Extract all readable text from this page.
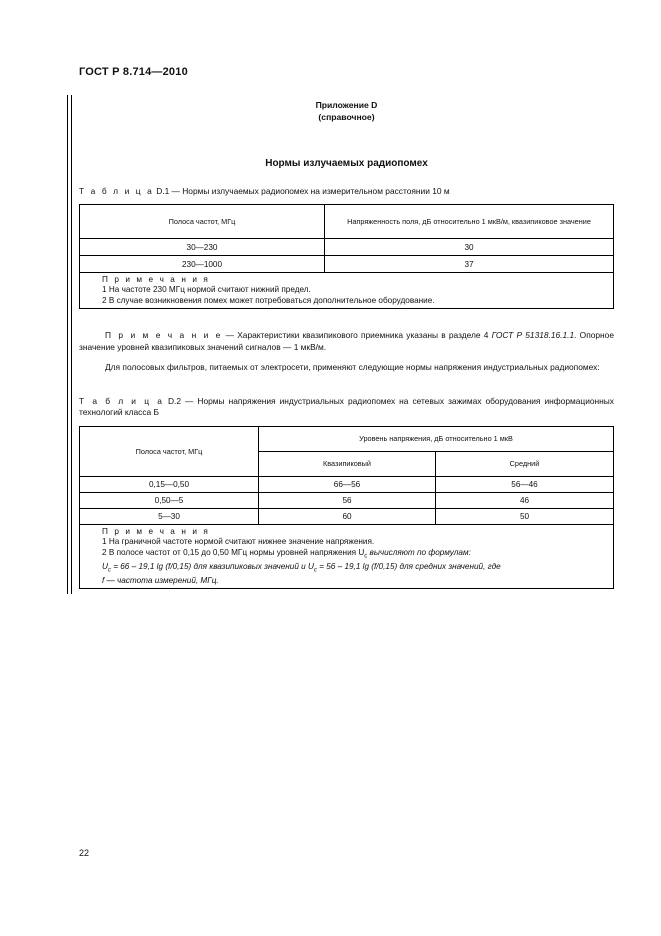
ГОСТ Р 8.714—2010
Приложение D
(справочное)
Нормы излучаемых радиопомех
Т а б л и ц а D.1 — Нормы излучаемых радиопомех на измерительном расстоянии 10 м
Полоса частот, МГц	Напряженность поля, дБ относительно 1 мкВ/м, квазипиковое значение
30—230	30
230—1000	37

П р и м е ч а н и я
1 На частоте 230 МГц нормой считают нижний предел.
2 В случае возникновения помех может потребоваться дополнительное оборудование.	
П р и м е ч а н и е — Характеристики квазипикового приемника указаны в разделе 4 ГОСТ Р 51318.16.1.1. Опорное значение уровней квазипиковых значений сигналов — 1 мкВ/м.
Для полосовых фильтров, питаемых от электросети, применяют следующие нормы напряжения индустриальных радиопомех:
Т а б л и ц а D.2 — Нормы напряжения индустриальных радиопомех на сетевых зажимах оборудования информационных технологий класса Б
Полоса частот, МГц	Уровень напряжения, дБ относительно 1 мкВ	
	Квазипиковый	Средний
0,15—0,50	66—56	56—46
0,50—5	56	46
5—30	60	50

П р и м е ч а н и я
1 На граничной частоте нормой считают нижнее значение напряжения.
2 В полосе частот от 0,15 до 0,50 МГц нормы уровней напряжения $U_c$ вычисляют по формулам:
$U_c = 66 - 19,1$ lg (f/0,15) для квазипиковых значений и $U_c = 56 - 19,1$ lg (f/0,15) для средних значений, где
f — частота измерений, МГц.		
22
